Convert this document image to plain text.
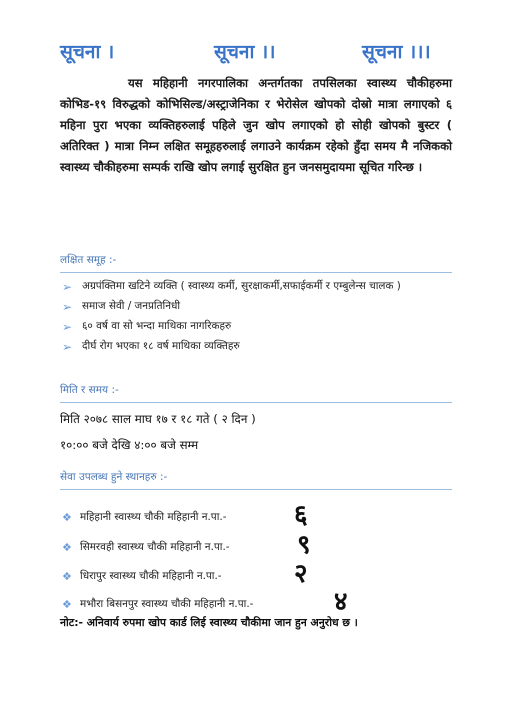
सूचना ।	सूचना ।।	सूचना ।।।
यस महिहानी नगरपालिका अन्तर्गतका तपसिलका स्वास्थ्य चौकीहरुमा कोभिड-१९ विरुद्धको कोभिसिल्ड/अस्ट्राजेनिका र भेरोसेल खोपको दोस्रो मात्रा लगाएको ६ महिना पुरा भएका व्यक्तिहरुलाई पहिले जुन खोप लगाएको हो सोही खोपको बुस्टर ( अतिरिक्त ) मात्रा निम्न लक्षित समूहहरुलाई लगाउने कार्यक्रम रहेको हुँदा समय मै नजिकको स्वास्थ्य चौकीहरुमा सम्पर्क राखि खोप लगाई सुरक्षित हुन जनसमुदायमा सूचित गरिन्छ ।
लक्षित समूह :-
➢ अग्रपंक्तिमा खटिने व्यक्ति ( स्वास्थ्य कर्मी, सुरक्षाकर्मी,सफाईकर्मी र एम्बुलेन्स चालक )
➢ समाज सेवी / जनप्रतिनिधी
➢ ६० वर्ष वा सो भन्दा माथिका नागरिकहरु
➢ दीर्घ रोग भएका १८ वर्ष माथिका व्यक्तिहरु
मिति र समय :-
मिति २०७८ साल माघ १७ र १८ गते ( २ दिन )
१०:०० बजे देखि ४:०० बजे सम्म
सेवा उपलब्ध हुने स्थानहरु :-
❖ महिहानी स्वास्थ्य चौकी महिहानी न.पा.-	६
❖ सिमरवही स्वास्थ्य चौकी महिहानी न.पा.-	९
❖ धिरापुर स्वास्थ्य चौकी महिहानी न.पा.-	२
❖ मभौरा बिसनपुर स्वास्थ्य चौकी महिहानी न.पा.-	४
नोट:- अनिवार्य रुपमा खोप कार्ड लिई स्वास्थ्य चौकीमा जान हुन अनुरोध छ ।
